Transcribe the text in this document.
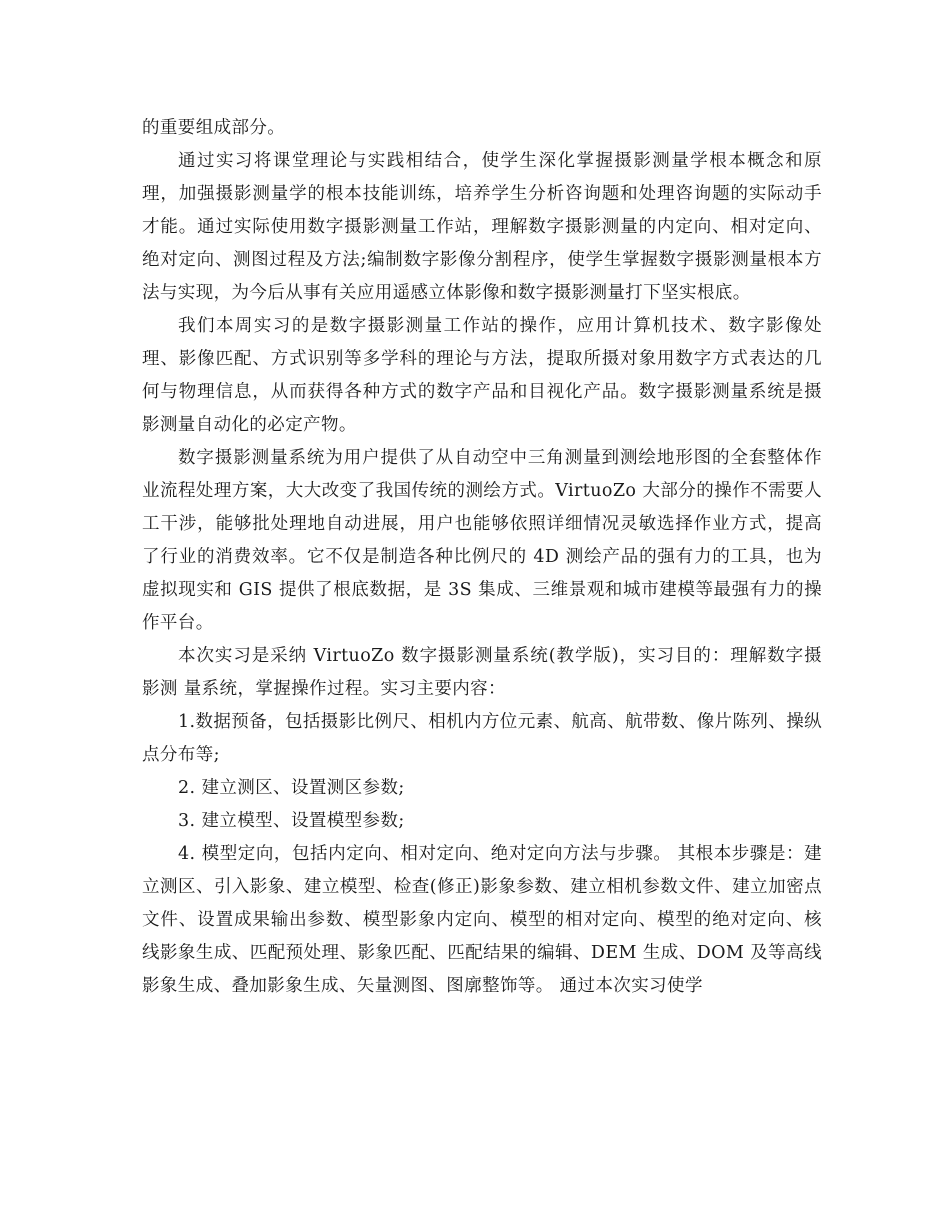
的重要组成部分。

通过实习将课堂理论与实践相结合，使学生深化掌握摄影测量学根本概念和原理，加强摄影测量学的根本技能训练，培养学生分析咨询题和处理咨询题的实际动手才能。通过实际使用数字摄影测量工作站，理解数字摄影测量的内定向、相对定向、绝对定向、测图过程及方法;编制数字影像分割程序，使学生掌握数字摄影测量根本方法与实现，为今后从事有关应用遥感立体影像和数字摄影测量打下坚实根底。

我们本周实习的是数字摄影测量工作站的操作，应用计算机技术、数字影像处理、影像匹配、方式识别等多学科的理论与方法，提取所摄对象用数字方式表达的几何与物理信息，从而获得各种方式的数字产品和目视化产品。数字摄影测量系统是摄影测量自动化的必定产物。

数字摄影测量系统为用户提供了从自动空中三角测量到测绘地形图的全套整体作业流程处理方案，大大改变了我国传统的测绘方式。VirtuoZo 大部分的操作不需要人工干涉，能够批处理地自动进展，用户也能够依照详细情况灵敏选择作业方式，提高了行业的消费效率。它不仅是制造各种比例尺的 4D 测绘产品的强有力的工具，也为虚拟现实和 GIS 提供了根底数据，是 3S 集成、三维景观和城市建模等最强有力的操作平台。

本次实习是采纳 VirtuoZo 数字摄影测量系统(教学版)，实习目的：理解数字摄影测 量系统，掌握操作过程。实习主要内容：

1.数据预备，包括摄影比例尺、相机内方位元素、航高、航带数、像片陈列、操纵点分布等;

2. 建立测区、设置测区参数;

3. 建立模型、设置模型参数;

4. 模型定向，包括内定向、相对定向、绝对定向方法与步骤。 其根本步骤是：建立测区、引入影象、建立模型、检查(修正)影象参数、建立相机参数文件、建立加密点文件、设置成果输出参数、模型影象内定向、模型的相对定向、模型的绝对定向、核线影象生成、匹配预处理、影象匹配、匹配结果的编辑、DEM 生成、DOM 及等高线影象生成、叠加影象生成、矢量测图、图廓整饰等。 通过本次实习使学
